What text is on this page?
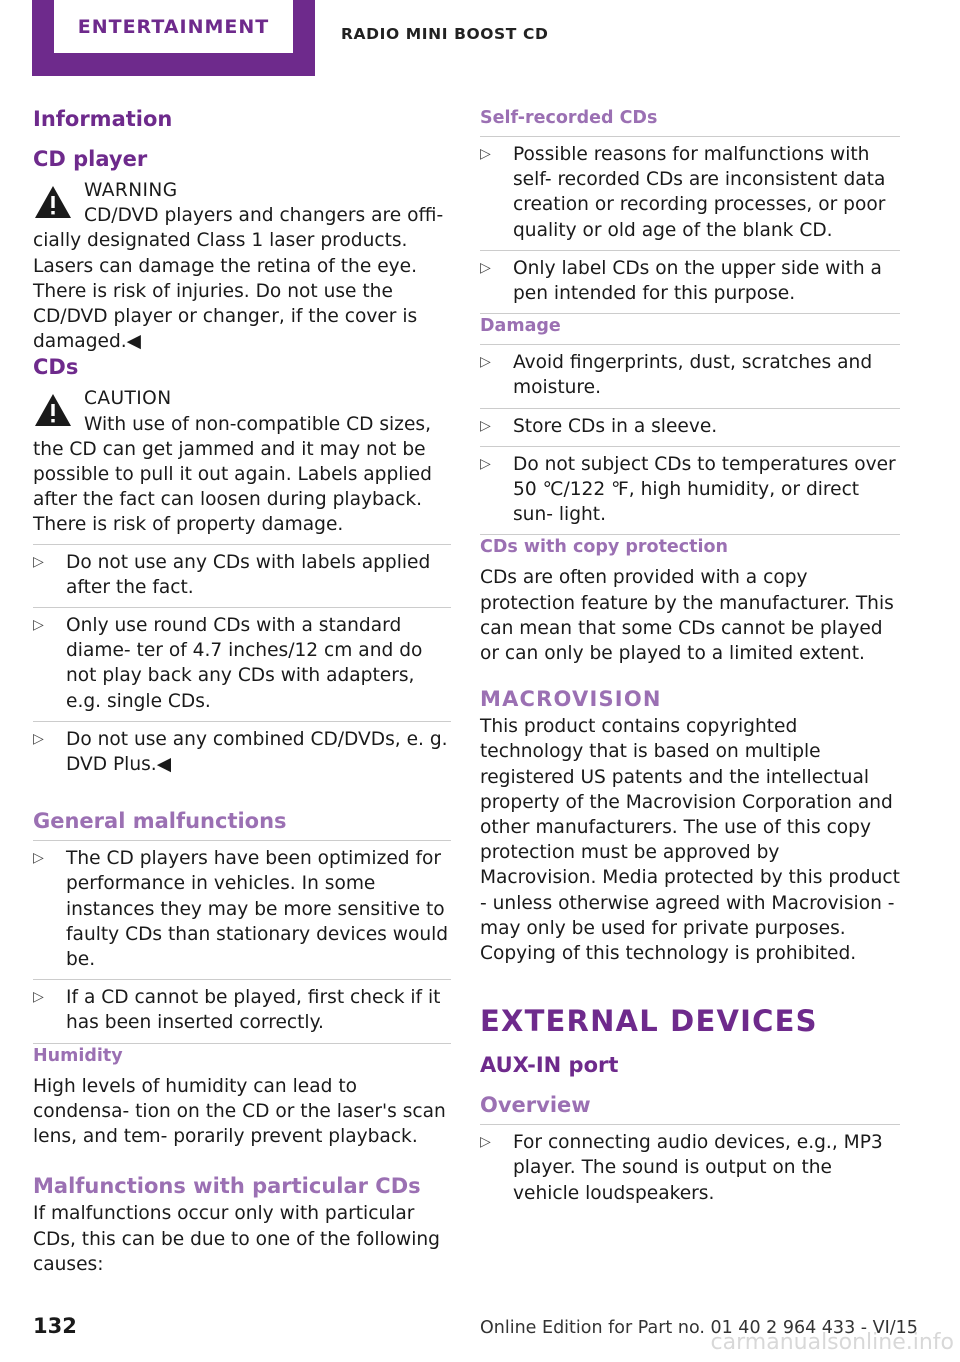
ENTERTAINMENT	RADIO MINI BOOST CD
Information
CD player
WARNING

CD/DVD players and changers are offi- cially designated Class 1 laser products. Lasers can damage the retina of the eye. There is risk of injuries. Do not use the CD/DVD player or changer, if the cover is damaged.◀

CDs
CAUTION

With use of non-compatible CD sizes, the CD can get jammed and it may not be possible to pull it out again. Labels applied after the fact can loosen during playback. There is risk of property damage.

▷ Do not use any CDs with labels applied after the fact.
▷ Only use round CDs with a standard diame- ter of 4.7 inches/12 cm and do not play back any CDs with adapters, e.g. single CDs.
▷ Do not use any combined CD/DVDs, e. g. DVD Plus.◀
General malfunctions
▷ The CD players have been optimized for performance in vehicles. In some instances they may be more sensitive to faulty CDs than stationary devices would be.
▷ If a CD cannot be played, first check if it has been inserted correctly.
Humidity

High levels of humidity can lead to condensa- tion on the CD or the laser's scan lens, and tem- porarily prevent playback.

Malfunctions with particular CDs

If malfunctions occur only with particular CDs, this can be due to one of the following causes:

Self-recorded CDs
▷ Possible reasons for malfunctions with self- recorded CDs are inconsistent data creation or recording processes, or poor quality or old age of the blank CD.
▷ Only label CDs on the upper side with a pen intended for this purpose.
Damage
▷ Avoid fingerprints, dust, scratches and moisture.
▷ Store CDs in a sleeve.
▷ Do not subject CDs to temperatures over 50 ℃/122 ℉, high humidity, or direct sun- light.
CDs with copy protection

CDs are often provided with a copy protection feature by the manufacturer. This can mean that some CDs cannot be played or can only be played to a limited extent.

MACROVISION

This product contains copyrighted technology that is based on multiple registered US patents and the intellectual property of the Macrovision Corporation and other manufacturers. The use of this copy protection must be approved by Macrovision. Media protected by this product - unless otherwise agreed with Macrovision - may only be used for private purposes. Copying of this technology is prohibited.

EXTERNAL DEVICES
AUX-IN port
Overview
▷ For connecting audio devices, e.g., MP3 player. The sound is output on the vehicle loudspeakers.
132	Online Edition for Part no. 01 40 2 964 433 - VI/15
carmanualsonline.info
